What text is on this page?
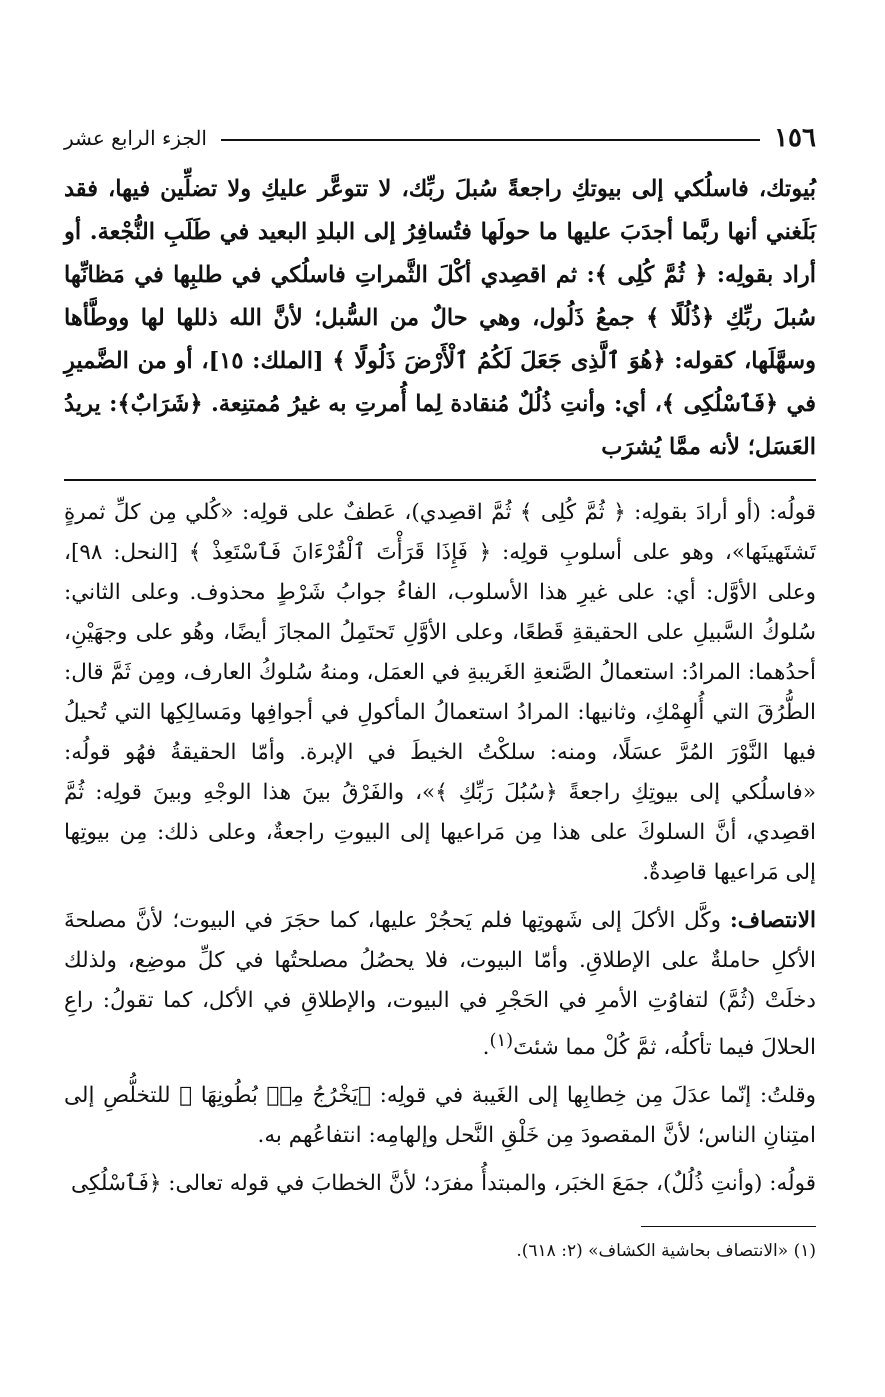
١٥٦
الجزء الرابع عشر

بُيوتك، فاسلُكي إلى بيوتكِ راجعةً سُبلَ ربِّك، لا تتوعَّر عليكِ ولا تضلِّين فيها، فقد بَلَغني أنها ربَّما أجدَبَ عليها ما حولَها فتُسافِرُ إلى البلدِ البعيد في طَلَبِ النُّجْعة. أو أراد بقولِه: ﴿ ثُمَّ كُلِى ﴾: ثم اقصِدي أكْلَ الثَّمراتِ فاسلُكي في طلبِها في مَظانِّها سُبلَ ربِّكِ ﴿ذُلُلًا ﴾ جمعُ ذَلُول، وهي حالٌ من السُّبل؛ لأنَّ الله ذللها لها ووطَّأها وسهَّلَها، كقوله: ﴿هُوَ ٱلَّذِى جَعَلَ لَكُمُ ٱلْأَرْضَ ذَلُولًا ﴾ [الملك: ١٥]، أو من الضَّميرِ في ﴿فَٱسْلُكِى ﴾، أي: وأنتِ ذُلُلٌ مُنقادة لِما أُمرتِ به غيرُ مُمتنِعة. ﴿شَرَابٌ﴾: يريدُ العَسَل؛ لأنه ممَّا يُشرَب

قولُه: (أو أرادَ بقولِه: ﴿ ثُمَّ كُلِى ﴾ ثُمَّ اقصِدي)، عَطفٌ على قولِه: «كُلي مِن كلِّ ثمرةٍ تَشتَهينَها»، وهو على أسلوبِ قولِه: ﴿ فَإِذَا قَرَأْتَ ٱلْقُرْءَانَ فَٱسْتَعِذْ ﴾ [النحل: ٩٨]، وعلى الأوَّل: أي: على غيرِ هذا الأسلوب، الفاءُ جوابُ شَرْطٍ محذوف. وعلى الثاني: سُلوكُ السَّبيلِ على الحقيقةِ قَطعًا، وعلى الأوَّلِ تَحتَمِلُ المجازَ أيضًا، وهُو على وجهَيْنِ، أحدُهما: المرادُ: استعمالُ الصَّنعةِ الغَريبةِ في العمَل، ومنهُ سُلوكُ العارف، ومِن ثَمَّ قال: الطُّرُقَ التي أُلهِمْكِ، وثانيها: المرادُ استعمالُ المأكولِ في أجوافِها ومَسالِكِها التي تُحيلُ فيها النَّوْرَ المُرَّ عسَلًا، ومنه: سلكْتُ الخيطَ في الإبرة. وأمّا الحقيقةُ فهُو قولُه: «فاسلُكي إلى بيوتِكِ راجعةً ﴿سُبُلَ رَبِّكِ ﴾»، والفَرْقُ بينَ هذا الوجْهِ وبينَ قولِه: ثُمَّ اقصِدي، أنَّ السلوكَ على هذا مِن مَراعيها إلى البيوتِ راجعةٌ، وعلى ذلك: مِن بيوتِها إلى مَراعيها قاصِدةٌ.

الانتصاف: وكَّل الأكلَ إلى شَهوتِها فلم يَحجُرْ عليها، كما حجَرَ في البيوت؛ لأنَّ مصلحةَ الأكلِ حاملةٌ على الإطلاقِ. وأمّا البيوت، فلا يحصُلُ مصلحتُها في كلِّ موضِع، ولذلك دخلَتْ (ثُمَّ) لتفاوُتِ الأمرِ في الحَجْرِ في البيوت، والإطلاقِ في الأكل، كما تقولُ: راعِ الحلالَ فيما تأكلُه، ثمَّ كُلْ مما شئتَ$^{(١)}$.

وقلتُ: إنّما عدَلَ مِن خِطابِها إلى الغَيبة في قولِه: ﴿يَخْرُجُ مِنۢ بُطُونِهَا ﴾ للتخلُّصِ إلى امتِنانِ الناس؛ لأنَّ المقصودَ مِن خَلْقِ النَّحل وإلهامِه: انتفاعُهم به.

قولُه: (وأنتِ ذُلُلٌ)، جمَعَ الخبَر، والمبتدأُ مفرَد؛ لأنَّ الخطابَ في قوله تعالى: ﴿فَٱسْلُكِى

(١) «الانتصاف بحاشية الكشاف» (٢: ٦١٨).
